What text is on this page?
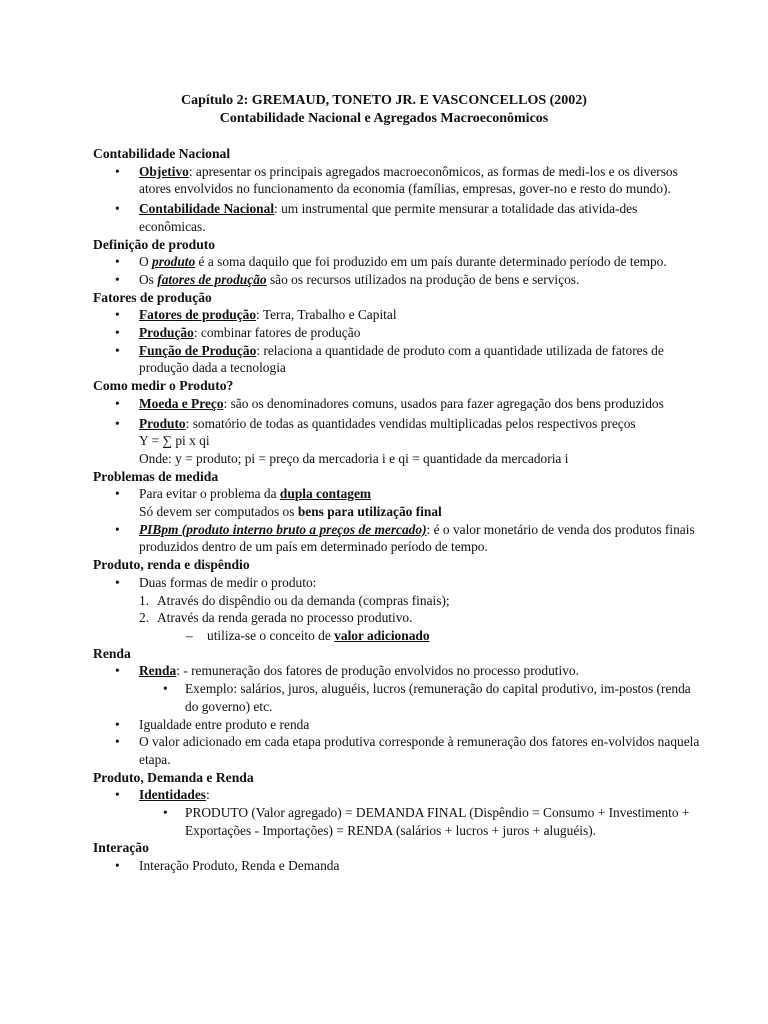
Capítulo 2: GREMAUD, TONETO JR. E VASCONCELLOS (2002)
Contabilidade Nacional e Agregados Macroeconômicos
Contabilidade Nacional
• Objetivo: apresentar os principais agregados macroeconômicos, as formas de medi-los e os diversos atores envolvidos no funcionamento da economia (famílias, empresas, gover-no e resto do mundo).
• Contabilidade Nacional: um instrumental que permite mensurar a totalidade das ativida-des econômicas.
Definição de produto
• O produto é a soma daquilo que foi produzido em um país durante determinado período de tempo.
• Os fatores de produção são os recursos utilizados na produção de bens e serviços.
Fatores de produção
• Fatores de produção: Terra, Trabalho e Capital
• Produção: combinar fatores de produção
• Função de Produção: relaciona a quantidade de produto com a quantidade utilizada de fatores de produção dada a tecnologia
Como medir o Produto?
• Moeda e Preço: são os denominadores comuns, usados para fazer agregação dos bens produzidos
• Produto: somatório de todas as quantidades vendidas multiplicadas pelos respectivos preços
Y = ∑ pi x qi
Onde: y = produto; pi = preço da mercadoria i e qi = quantidade da mercadoria i
Problemas de medida
• Para evitar o problema da dupla contagem
Só devem ser computados os bens para utilização final
• PIBpm (produto interno bruto a preços de mercado): é o valor monetário de venda dos produtos finais produzidos dentro de um país em determinado período de tempo.
Produto, renda e dispêndio
• Duas formas de medir o produto:
1. Através do dispêndio ou da demanda (compras finais);
2. Através da renda gerada no processo produtivo.
– utiliza-se o conceito de valor adicionado
Renda
• Renda: - remuneração dos fatores de produção envolvidos no processo produtivo.
• Exemplo: salários, juros, aluguéis, lucros (remuneração do capital produtivo, im-postos (renda do governo) etc.
• Igualdade entre produto e renda
• O valor adicionado em cada etapa produtiva corresponde à remuneração dos fatores en-volvidos naquela etapa.
Produto, Demanda e Renda
• Identidades:
• PRODUTO (Valor agregado) = DEMANDA FINAL (Dispêndio = Consumo + Investimento + Exportações - Importações) = RENDA (salários + lucros + juros + aluguéis).
Interação
• Interação Produto, Renda e Demanda
